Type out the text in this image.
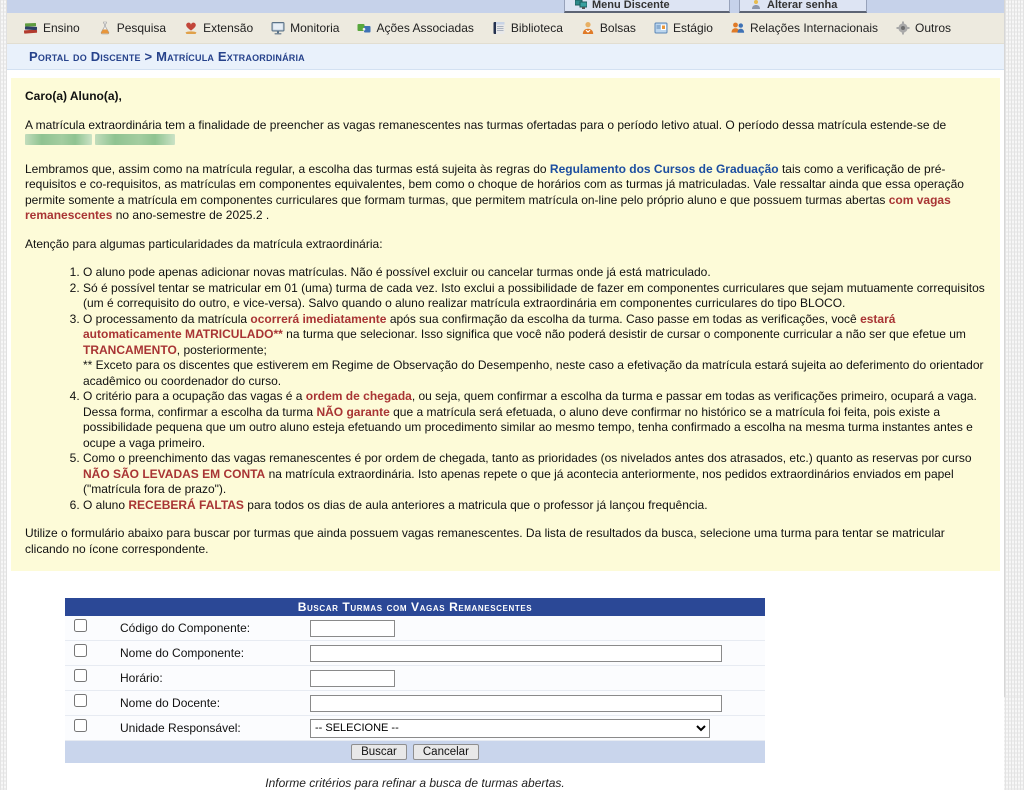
Menu Discente	Alterar senha
Ensino	Pesquisa	Extensão	Monitoria	Ações Associadas	Biblioteca	Bolsas	Estágio	Relações Internacionais	Outros
Portal do Discente > Matrícula Extraordinária

Caro(a) Aluno(a),

A matrícula extraordinária tem a finalidade de preencher as vagas remanescentes nas turmas ofertadas para o período letivo atual. O período dessa matrícula estende-se de

Lembramos que, assim como na matrícula regular, a escolha das turmas está sujeita às regras do Regulamento dos Cursos de Graduação tais como a verificação de pré-requisitos e co-requisitos, as matrículas em componentes equivalentes, bem como o choque de horários com as turmas já matriculadas. Vale ressaltar ainda que essa operação permite somente a matrícula em componentes curriculares que formam turmas, que permitem matrícula on-line pelo próprio aluno e que possuem turmas abertas com vagas remanescentes no ano-semestre de 2025.2 .

Atenção para algumas particularidades da matrícula extraordinária:

1. O aluno pode apenas adicionar novas matrículas. Não é possível excluir ou cancelar turmas onde já está matriculado.
2. Só é possível tentar se matricular em 01 (uma) turma de cada vez. Isto exclui a possibilidade de fazer em componentes curriculares que sejam mutuamente correquisitos (um é correquisito do outro, e vice-versa). Salvo quando o aluno realizar matrícula extraordinária em componentes curriculares do tipo BLOCO.
3. O processamento da matrícula ocorrerá imediatamente após sua confirmação da escolha da turma. Caso passe em todas as verificações, você estará automaticamente MATRICULADO** na turma que selecionar. Isso significa que você não poderá desistir de cursar o componente curricular a não ser que efetue um TRANCAMENTO, posteriormente;
** Exceto para os discentes que estiverem em Regime de Observação do Desempenho, neste caso a efetivação da matrícula estará sujeita ao deferimento do orientador acadêmico ou coordenador do curso.
4. O critério para a ocupação das vagas é a ordem de chegada, ou seja, quem confirmar a escolha da turma e passar em todas as verificações primeiro, ocupará a vaga. Dessa forma, confirmar a escolha da turma NÃO garante que a matrícula será efetuada, o aluno deve confirmar no histórico se a matrícula foi feita, pois existe a possibilidade pequena que um outro aluno esteja efetuando um procedimento similar ao mesmo tempo, tenha confirmado a escolha na mesma turma instantes antes e ocupe a vaga primeiro.
5. Como o preenchimento das vagas remanescentes é por ordem de chegada, tanto as prioridades (os nivelados antes dos atrasados, etc.) quanto as reservas por curso NÃO SÃO LEVADAS EM CONTA na matrícula extraordinária. Isto apenas repete o que já acontecia anteriormente, nos pedidos extraordinários enviados em papel ("matrícula fora de prazo").
6. O aluno RECEBERÁ FALTAS para todos os dias de aula anteriores a matricula que o professor já lançou frequência.

Utilize o formulário abaixo para buscar por turmas que ainda possuem vagas remanescentes. Da lista de resultados da busca, selecione uma turma para tentar se matricular clicando no ícone correspondente.

Buscar Turmas com Vagas Remanescentes
Código do Componente:
Nome do Componente:
Horário:
Nome do Docente:
Unidade Responsável:
-- SELECIONE --
Buscar	Cancelar
Informe critérios para refinar a busca de turmas abertas.
